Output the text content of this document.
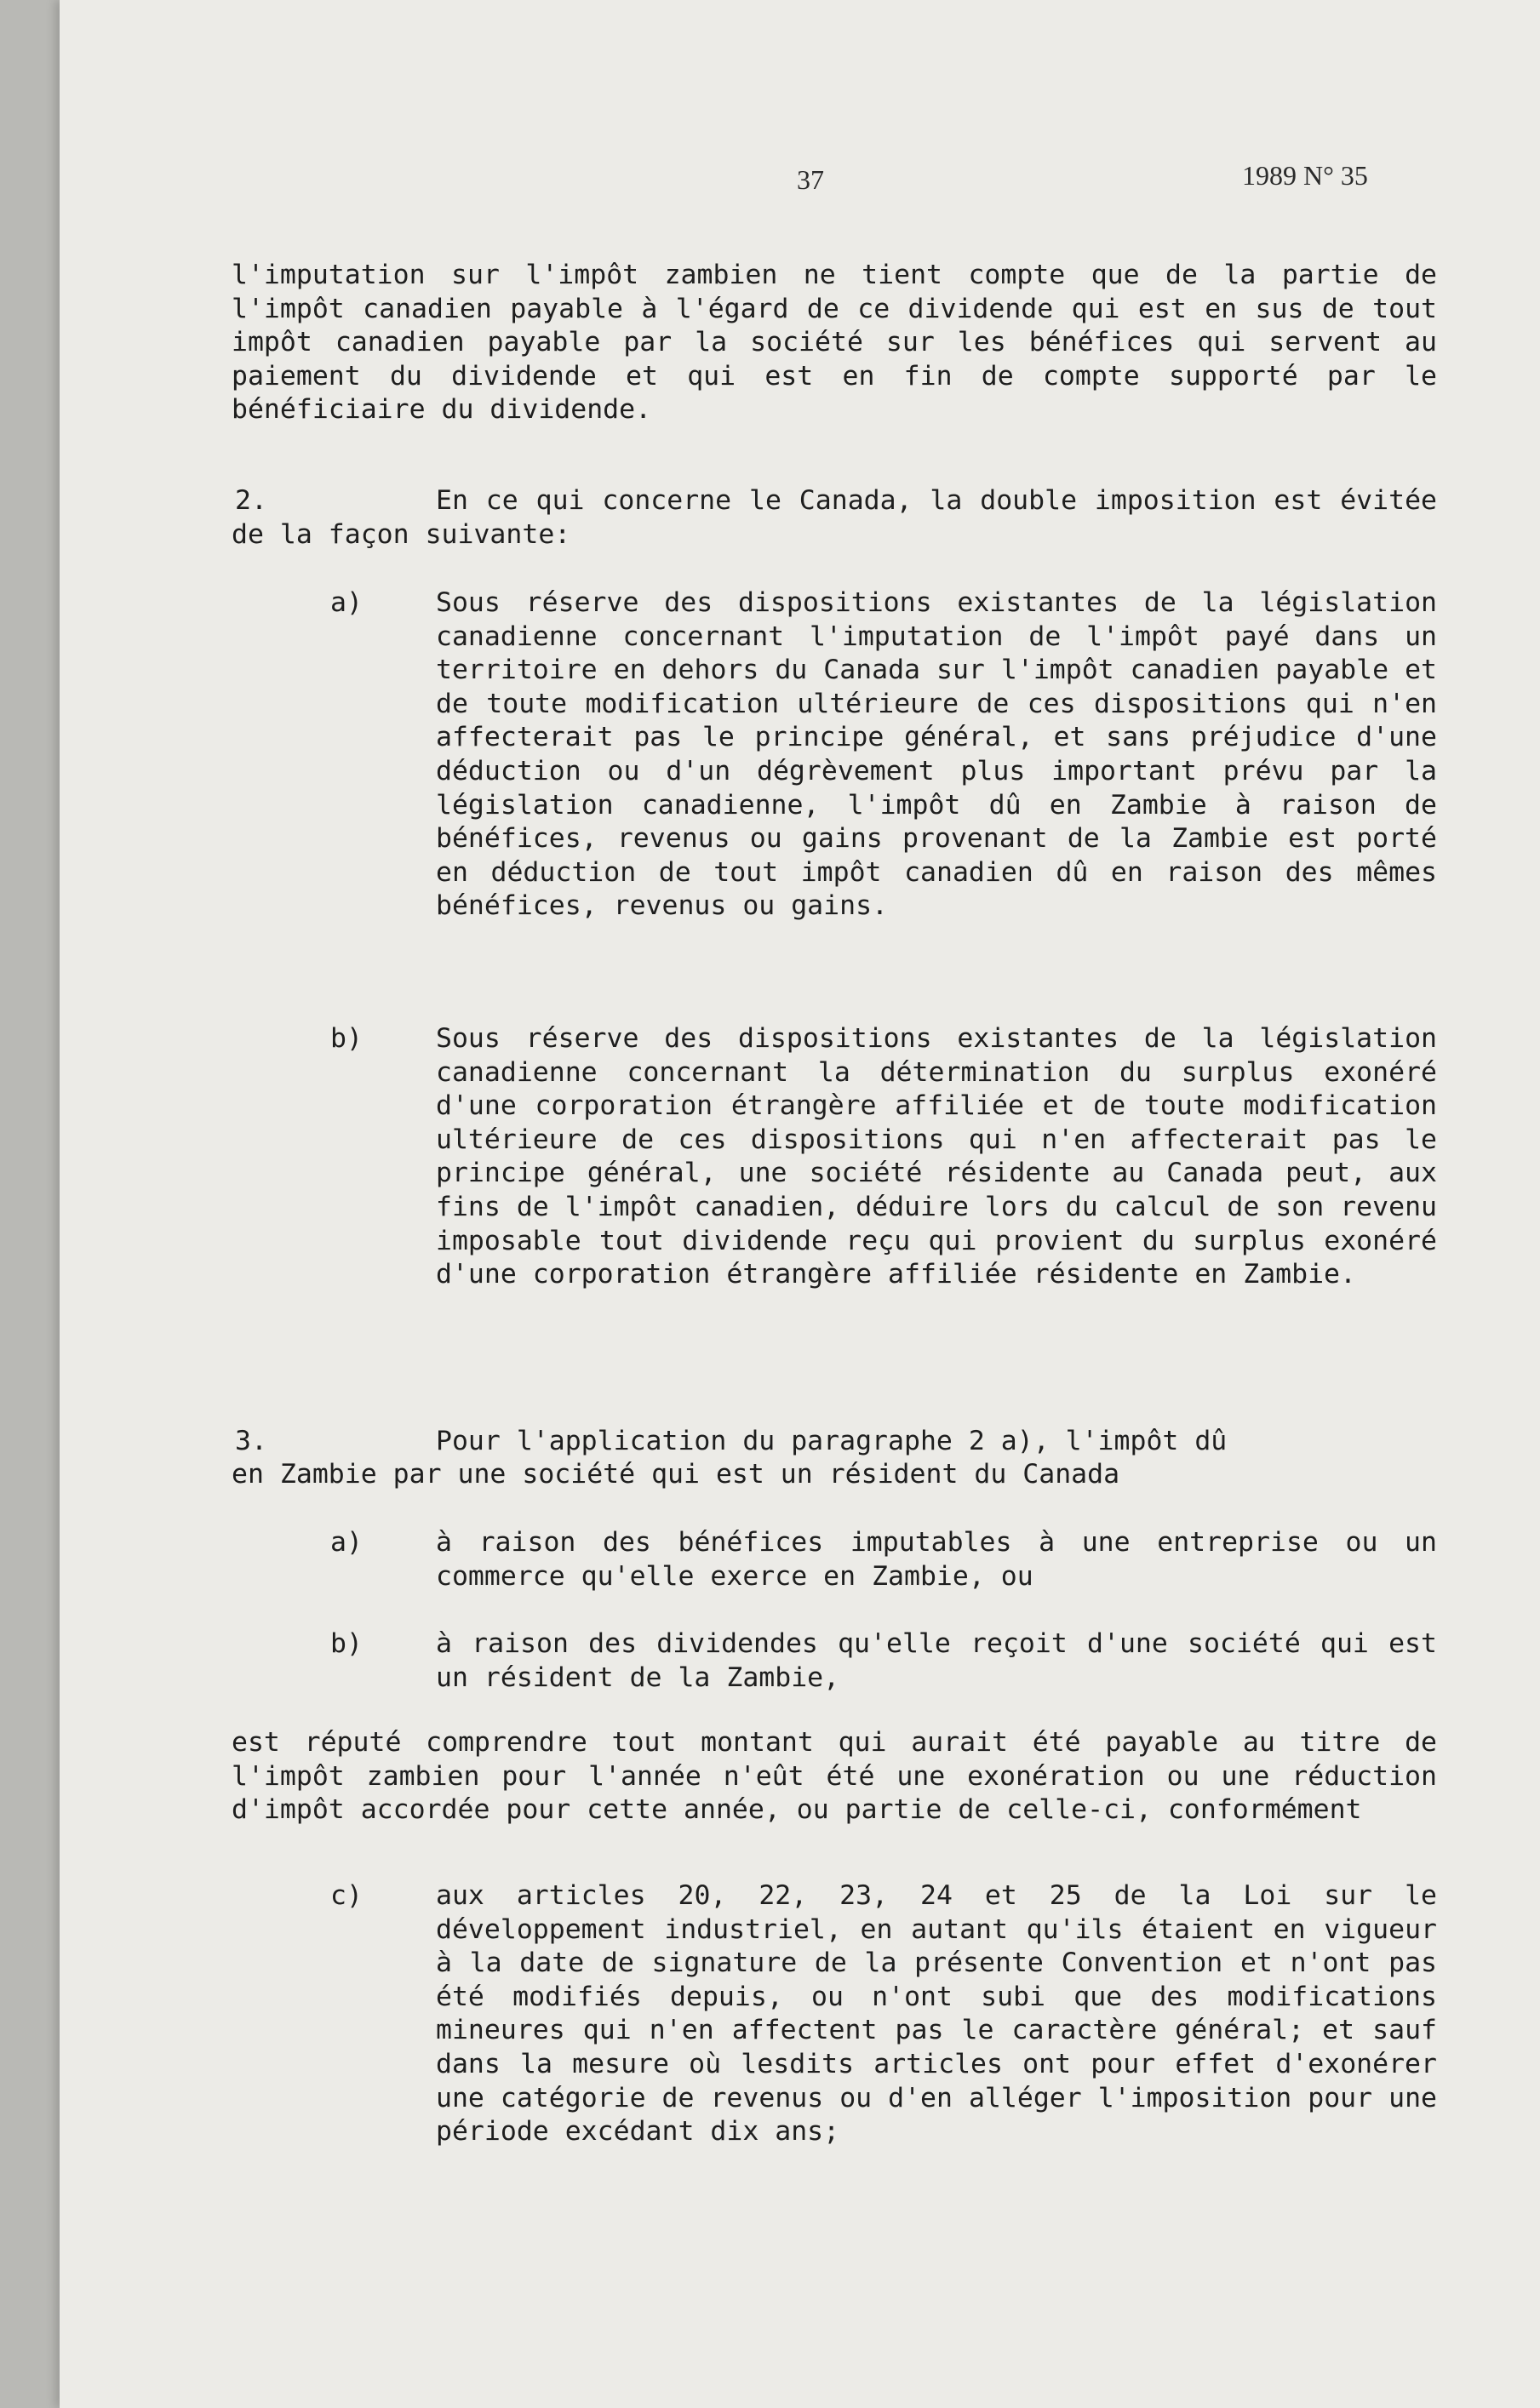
37	1989 N° 35
l'imputation sur l'impôt zambien ne tient compte que de la partie de l'impôt canadien payable à l'égard de ce dividende qui est en sus de tout impôt canadien payable par la société sur les bénéfices qui servent au paiement du dividende et qui est en fin de compte supporté par le bénéficiaire du dividende.
2.	En ce qui concerne le Canada, la double imposition est évitée de la façon suivante:
a)	Sous réserve des dispositions existantes de la législation canadienne concernant l'imputation de l'impôt payé dans un territoire en dehors du Canada sur l'impôt canadien payable et de toute modification ultérieure de ces dispositions qui n'en affecterait pas le principe général, et sans préjudice d'une déduction ou d'un dégrèvement plus important prévu par la législation canadienne, l'impôt dû en Zambie à raison de bénéfices, revenus ou gains provenant de la Zambie est porté en déduction de tout impôt canadien dû en raison des mêmes bénéfices, revenus ou gains.
b)	Sous réserve des dispositions existantes de la législation canadienne concernant la détermination du surplus exonéré d'une corporation étrangère affiliée et de toute modification ultérieure de ces dispositions qui n'en affecterait pas le principe général, une société résidente au Canada peut, aux fins de l'impôt canadien, déduire lors du calcul de son revenu imposable tout dividende reçu qui provient du surplus exonéré d'une corporation étrangère affiliée résidente en Zambie.
3.	Pour l'application du paragraphe 2 a), l'impôt dû
en Zambie par une société qui est un résident du Canada
a)	à raison des bénéfices imputables à une entreprise ou un commerce qu'elle exerce en Zambie, ou
b)	à raison des dividendes qu'elle reçoit d'une société qui est un résident de la Zambie,
est réputé comprendre tout montant qui aurait été payable au titre de l'impôt zambien pour l'année n'eût été une exonération ou une réduction d'impôt accordée pour cette année, ou partie de celle-ci, conformément
c)	aux articles 20, 22, 23, 24 et 25 de la Loi sur le développement industriel, en autant qu'ils étaient en vigueur à la date de signature de la présente Convention et n'ont pas été modifiés depuis, ou n'ont subi que des modifications mineures qui n'en affectent pas le caractère général; et sauf dans la mesure où lesdits articles ont pour effet d'exonérer une catégorie de revenus ou d'en alléger l'imposition pour une période excédant dix ans;
